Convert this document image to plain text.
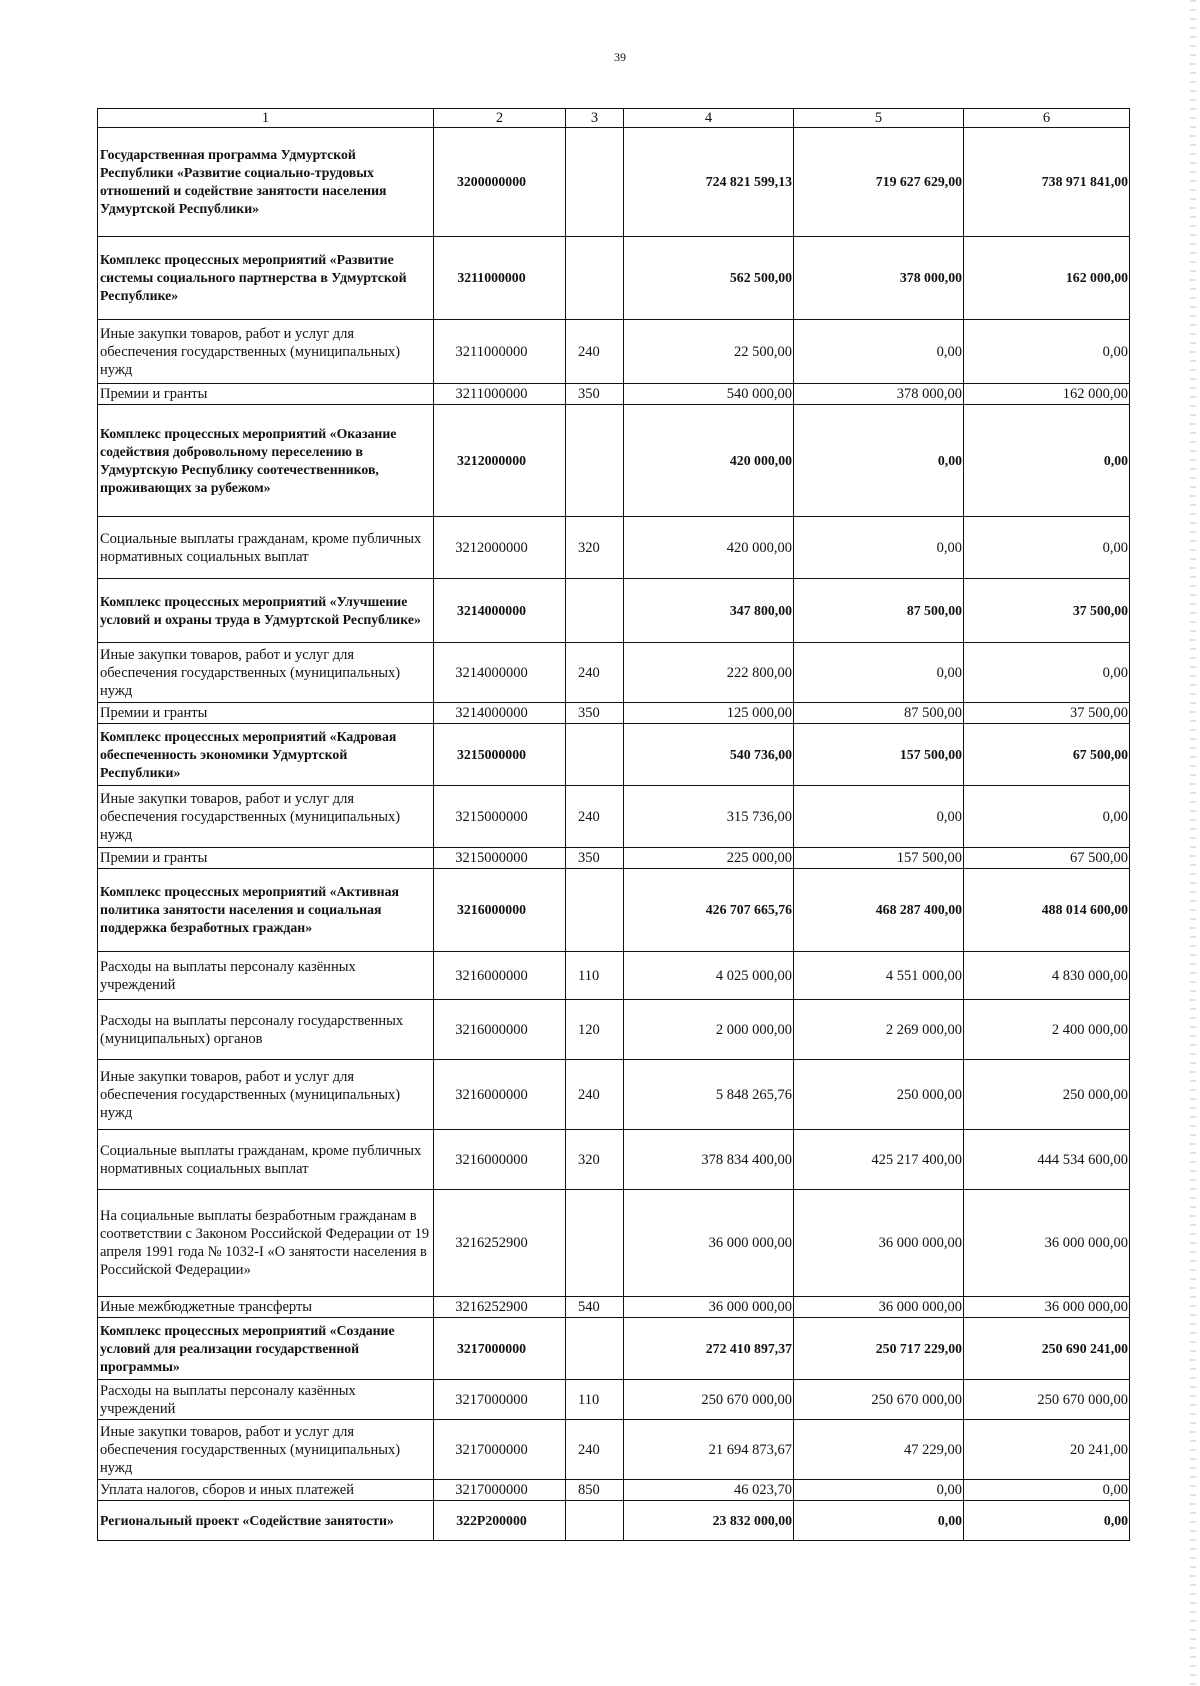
39
1	2	3	4	5	6
Государственная программа Удмуртской Республики «Развитие социально-трудовых отношений и содействие занятости населения Удмуртской Республики»	3200000000		724 821 599,13	719 627 629,00	738 971 841,00
Комплекс процессных мероприятий «Развитие системы социального партнерства в Удмуртской Республике»	3211000000		562 500,00	378 000,00	162 000,00
Иные закупки товаров, работ и услуг для обеспечения государственных (муниципальных) нужд	3211000000	240	22 500,00	0,00	0,00
Премии и гранты	3211000000	350	540 000,00	378 000,00	162 000,00
Комплекс процессных мероприятий «Оказание содействия добровольному переселению в Удмуртскую Республику соотечественников, проживающих за рубежом»	3212000000		420 000,00	0,00	0,00
Социальные выплаты гражданам, кроме публичных нормативных социальных выплат	3212000000	320	420 000,00	0,00	0,00
Комплекс процессных мероприятий «Улучшение условий и охраны труда в Удмуртской Республике»	3214000000		347 800,00	87 500,00	37 500,00
Иные закупки товаров, работ и услуг для обеспечения государственных (муниципальных) нужд	3214000000	240	222 800,00	0,00	0,00
Премии и гранты	3214000000	350	125 000,00	87 500,00	37 500,00
Комплекс процессных мероприятий «Кадровая обеспеченность экономики Удмуртской Республики»	3215000000		540 736,00	157 500,00	67 500,00
Иные закупки товаров, работ и услуг для обеспечения государственных (муниципальных) нужд	3215000000	240	315 736,00	0,00	0,00
Премии и гранты	3215000000	350	225 000,00	157 500,00	67 500,00
Комплекс процессных мероприятий «Активная политика занятости населения и социальная поддержка безработных граждан»	3216000000		426 707 665,76	468 287 400,00	488 014 600,00
Расходы на выплаты персоналу казённых учреждений	3216000000	110	4 025 000,00	4 551 000,00	4 830 000,00
Расходы на выплаты персоналу государственных (муниципальных) органов	3216000000	120	2 000 000,00	2 269 000,00	2 400 000,00
Иные закупки товаров, работ и услуг для обеспечения государственных (муниципальных) нужд	3216000000	240	5 848 265,76	250 000,00	250 000,00
Социальные выплаты гражданам, кроме публичных нормативных социальных выплат	3216000000	320	378 834 400,00	425 217 400,00	444 534 600,00
На социальные выплаты безработным гражданам в соответствии с Законом Российской Федерации от 19 апреля 1991 года № 1032-I «О занятости населения в Российской Федерации»	3216252900		36 000 000,00	36 000 000,00	36 000 000,00
Иные межбюджетные трансферты	3216252900	540	36 000 000,00	36 000 000,00	36 000 000,00
Комплекс процессных мероприятий «Создание условий для реализации государственной программы»	3217000000		272 410 897,37	250 717 229,00	250 690 241,00
Расходы на выплаты персоналу казённых учреждений	3217000000	110	250 670 000,00	250 670 000,00	250 670 000,00
Иные закупки товаров, работ и услуг для обеспечения государственных (муниципальных) нужд	3217000000	240	21 694 873,67	47 229,00	20 241,00
Уплата налогов, сборов и иных платежей	3217000000	850	46 023,70	0,00	0,00
Региональный проект «Содействие занятости»	322P200000		23 832 000,00	0,00	0,00
